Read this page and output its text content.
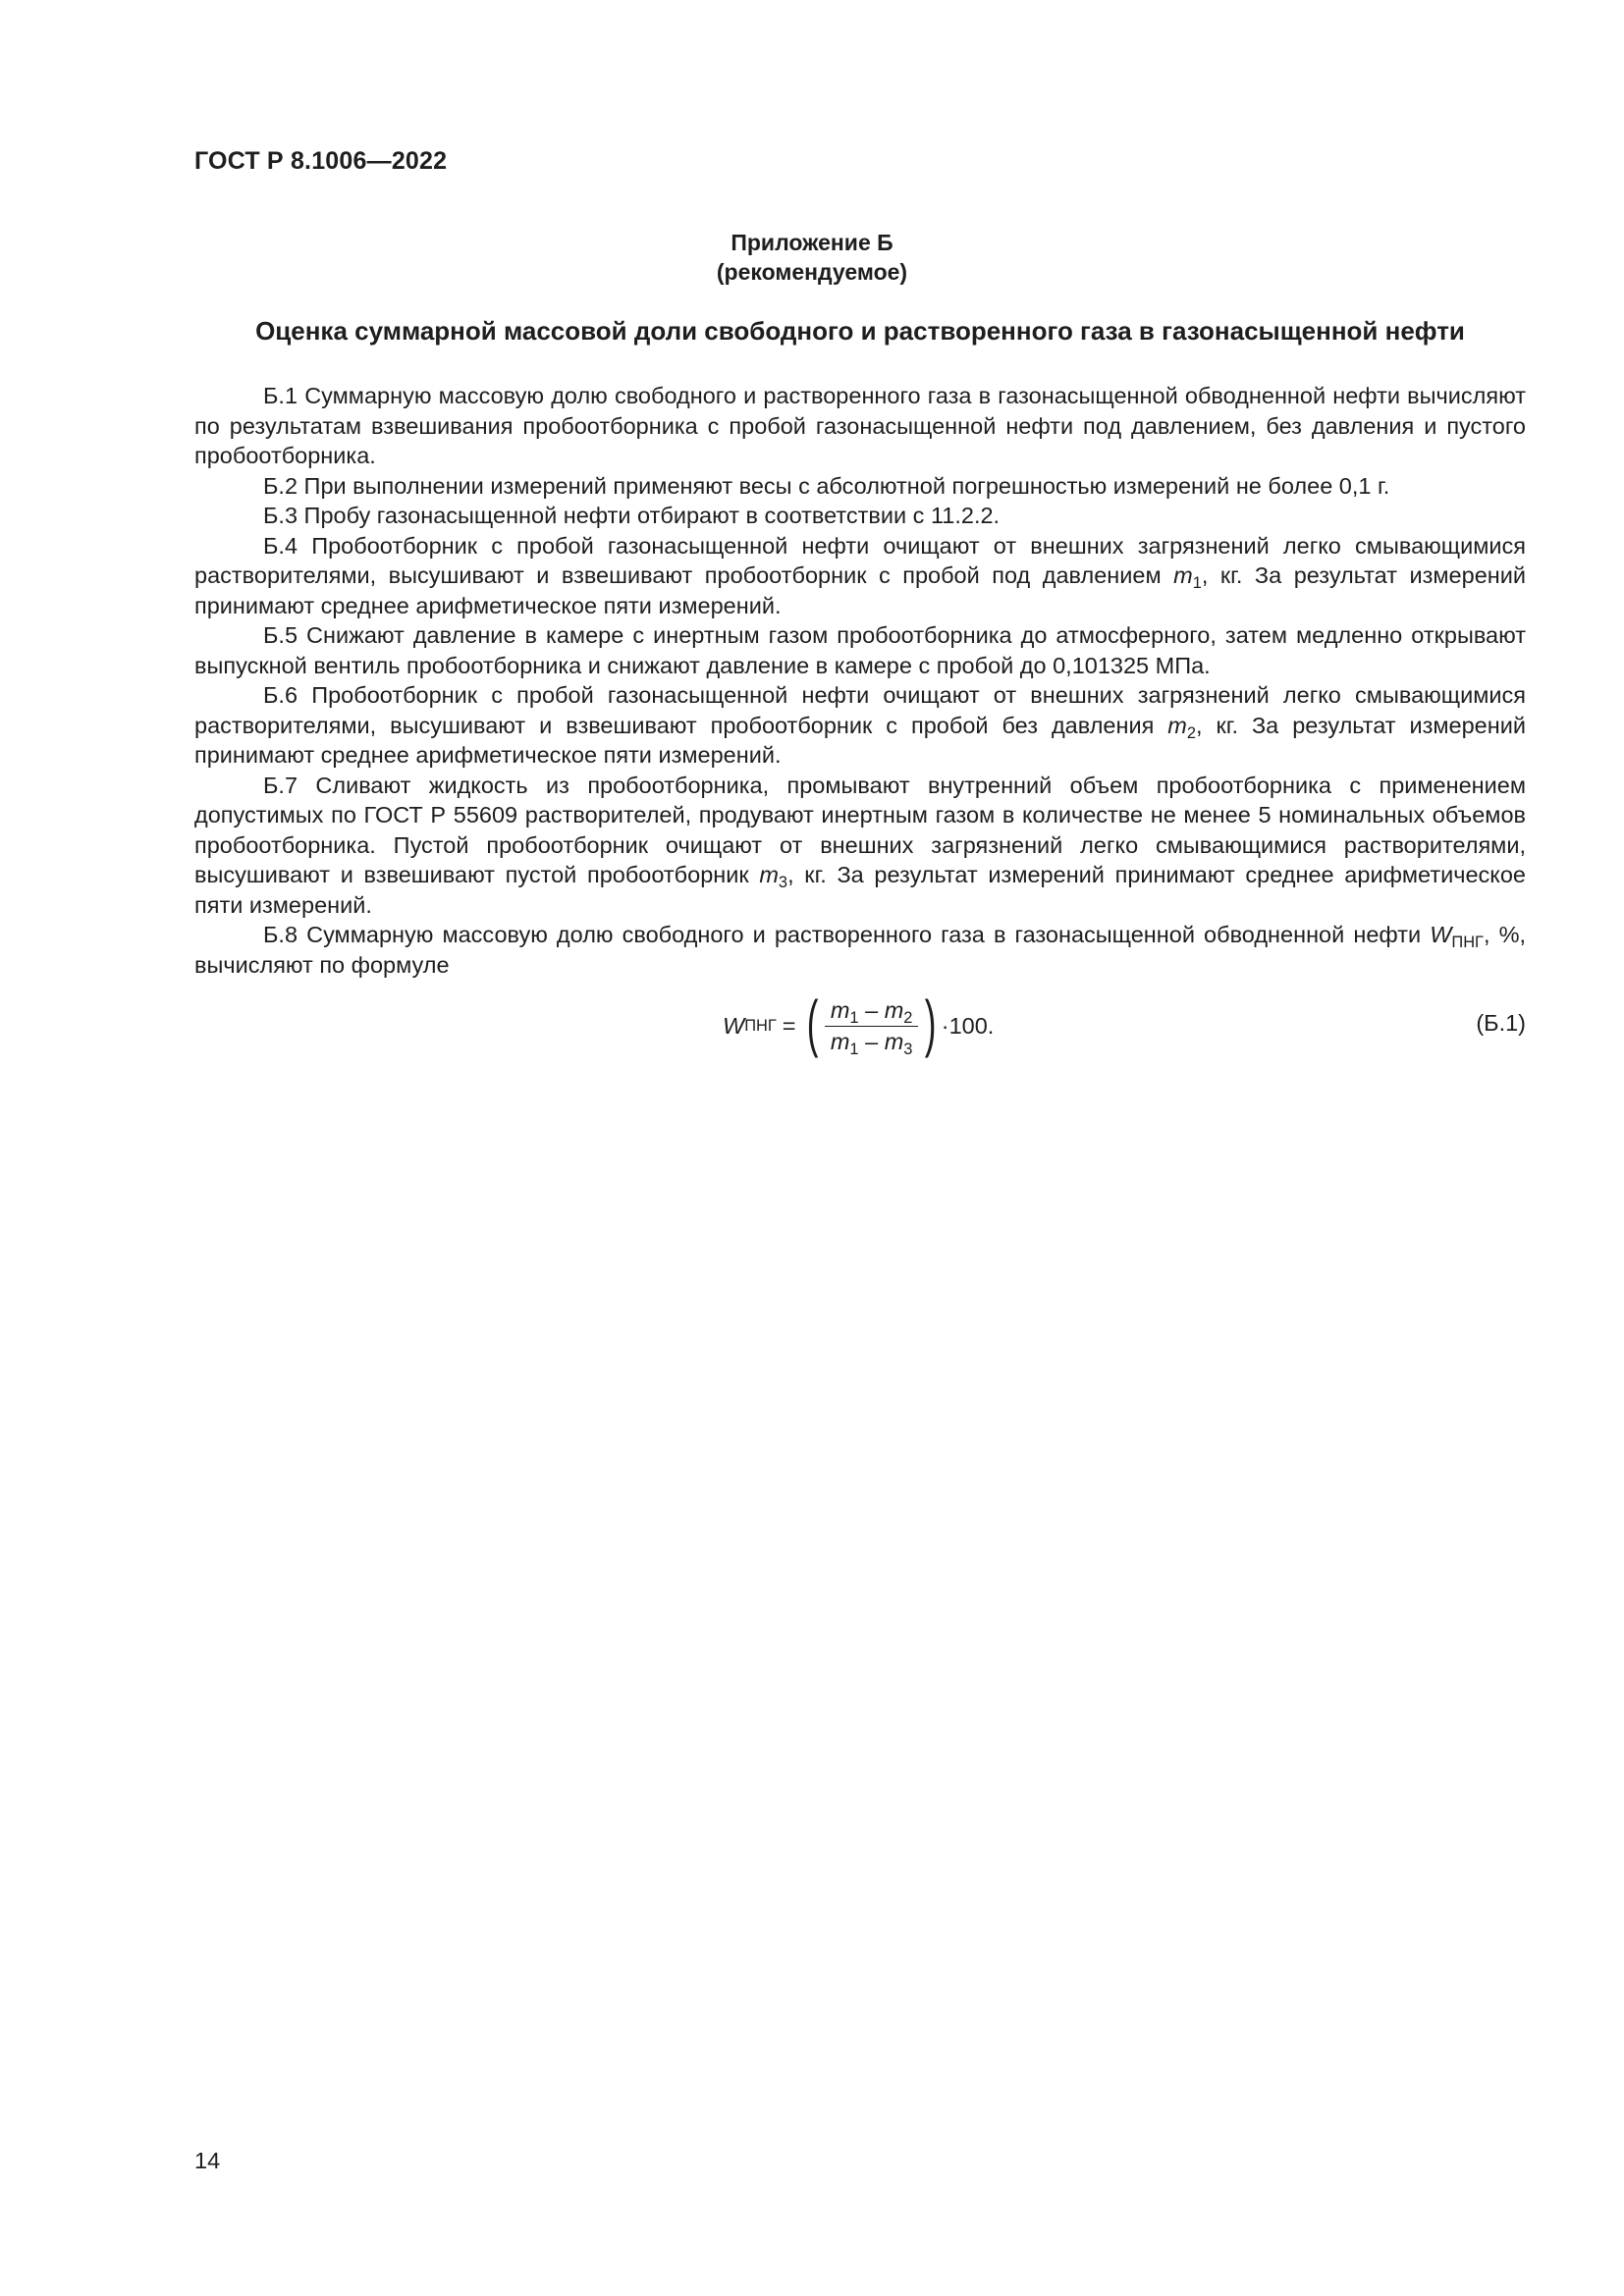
ГОСТ Р 8.1006—2022
Приложение Б
(рекомендуемое)
Оценка суммарной массовой доли свободного и растворенного газа в газонасыщенной нефти

Б.1 Суммарную массовую долю свободного и растворенного газа в газонасыщенной обводненной нефти вычисляют по результатам взвешивания пробоотборника с пробой газонасыщенной нефти под давлением, без давления и пустого пробоотборника.

Б.2 При выполнении измерений применяют весы с абсолютной погрешностью измерений не более 0,1 г.

Б.3 Пробу газонасыщенной нефти отбирают в соответствии с 11.2.2.

Б.4 Пробоотборник с пробой газонасыщенной нефти очищают от внешних загрязнений легко смывающимися растворителями, высушивают и взвешивают пробоотборник с пробой под давлением $m_1$, кг. За результат измерений принимают среднее арифметическое пяти измерений.

Б.5 Снижают давление в камере с инертным газом пробоотборника до атмосферного, затем медленно открывают выпускной вентиль пробоотборника и снижают давление в камере с пробой до 0,101325 МПа.

Б.6 Пробоотборник с пробой газонасыщенной нефти очищают от внешних загрязнений легко смывающимися растворителями, высушивают и взвешивают пробоотборник с пробой без давления $m_2$, кг. За результат измерений принимают среднее арифметическое пяти измерений.

Б.7 Сливают жидкость из пробоотборника, промывают внутренний объем пробоотборника с применением допустимых по ГОСТ Р 55609 растворителей, продувают инертным газом в количестве не менее 5 номинальных объемов пробоотборника. Пустой пробоотборник очищают от внешних загрязнений легко смывающимися растворителями, высушивают и взвешивают пустой пробоотборник $m_3$, кг. За результат измерений принимают среднее арифметическое пяти измерений.

Б.8 Суммарную массовую долю свободного и растворенного газа в газонасыщенной обводненной нефти $W_{ПНГ}$, %, вычисляют по формуле

W ПНГ = ( $\frac{m_1 - m_2}{m_1 - m_3}$ ) ·100.	(Б.1)
14
